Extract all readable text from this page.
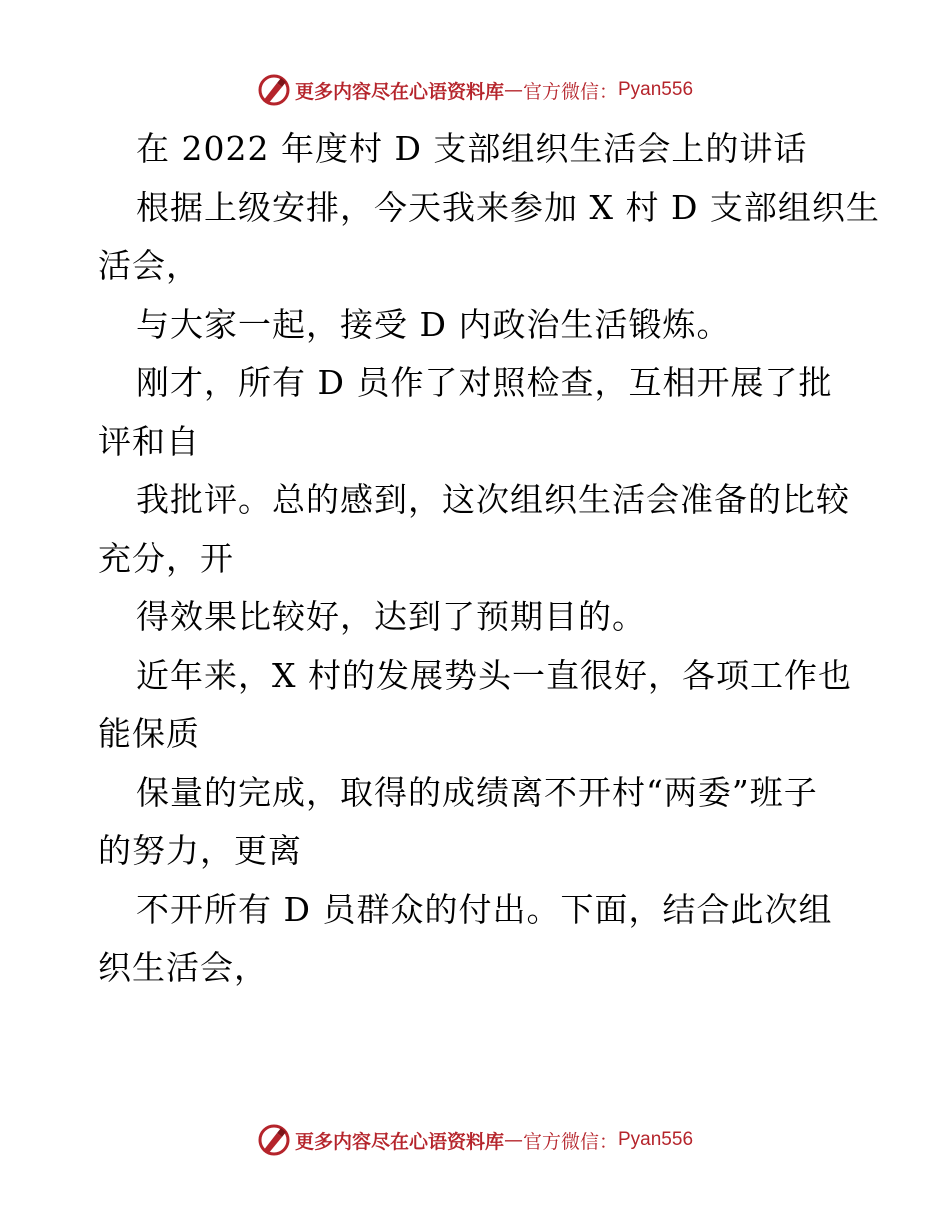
更多内容尽在心语资料库 — 官方微信： Pyan556
在 2022 年度村 D 支部组织生活会上的讲话
根据上级安排，今天我来参加 X 村 D 支部组织生
活会，
与大家一起，接受 D 内政治生活锻炼。
刚才，所有 D 员作了对照检查，互相开展了批
评和自
我批评。总的感到，这次组织生活会准备的比较
充分，开
得效果比较好，达到了预期目的。
近年来，X 村的发展势头一直很好，各项工作也
能保质
保量的完成，取得的成绩离不开村“两委”班子
的努力，更离
不开所有 D 员群众的付出。下面，结合此次组
织生活会，
更多内容尽在心语资料库 — 官方微信： Pyan556
